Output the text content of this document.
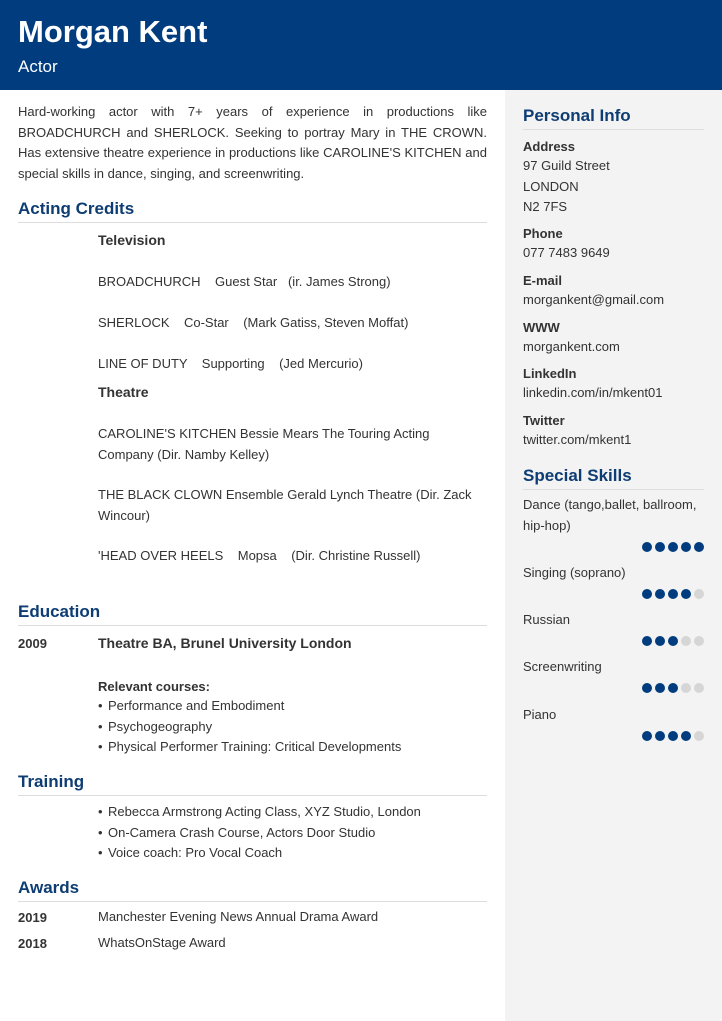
Morgan Kent
Actor
Hard-working actor with 7+ years of experience in productions like BROADCHURCH and SHERLOCK. Seeking to portray Mary in THE CROWN. Has extensive theatre experience in productions like CAROLINE'S KITCHEN and special skills in dance, singing, and screenwriting.
Acting Credits
Television
BROADCHURCH    Guest Star   (ir. James Strong)
SHERLOCK    Co-Star    (Mark Gatiss, Steven Moffat)
LINE OF DUTY    Supporting    (Jed Mercurio)
Theatre
CAROLINE'S KITCHEN Bessie Mears The Touring Acting Company (Dir. Namby Kelley)
THE BLACK CLOWN Ensemble Gerald Lynch Theatre (Dir. Zack Wincour)
'HEAD OVER HEELS    Mopsa    (Dir. Christine Russell)
Education
2009	Theatre BA, Brunel University London
Relevant courses:
• Performance and Embodiment
• Psychogeography
• Physical Performer Training: Critical Developments
Training
• Rebecca Armstrong Acting Class, XYZ Studio, London
• On-Camera Crash Course, Actors Door Studio
• Voice coach: Pro Vocal Coach
Awards
2019	Manchester Evening News Annual Drama Award
2018	WhatsOnStage Award
Personal Info
Address
97 Guild Street
LONDON
N2 7FS
Phone
077 7483 9649
E-mail
morgankent@gmail.com
WWW
morgankent.com
LinkedIn
linkedin.com/in/mkent01
Twitter
twitter.com/mkent1
Special Skills
Dance (tango,ballet, ballroom, hip-hop)
Singing (soprano)
Russian
Screenwriting
Piano
